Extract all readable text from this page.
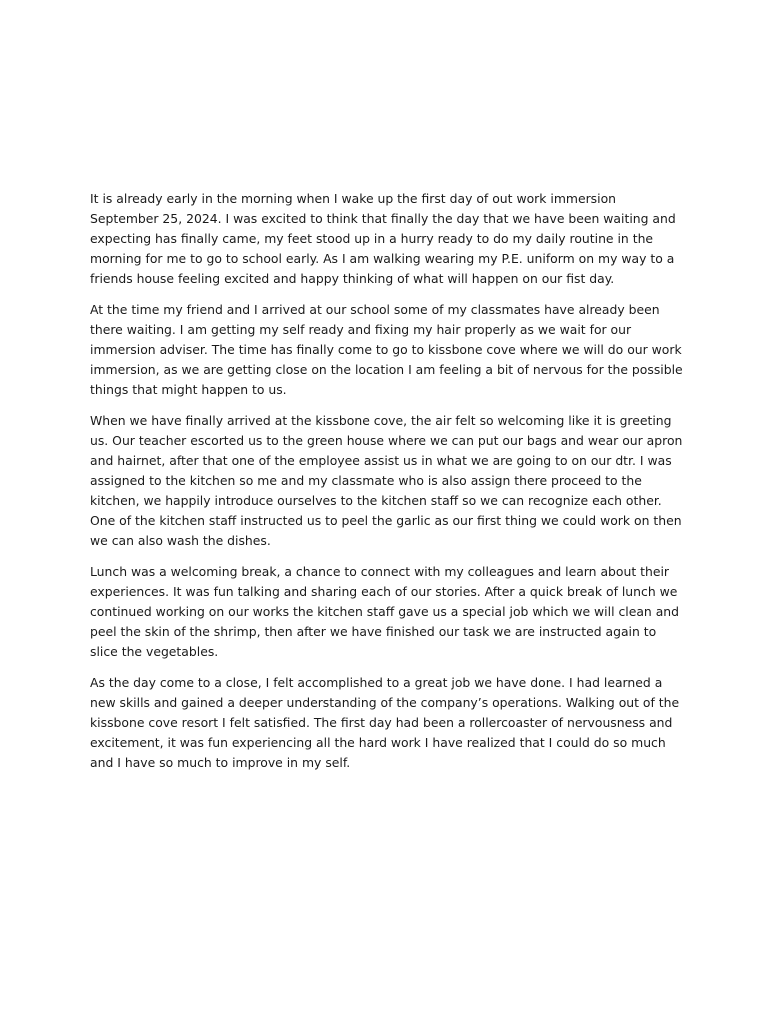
It is already early in the morning when I wake up the first day of out work immersion September 25, 2024. I was excited to think that finally the day that we have been waiting and expecting has finally came, my feet stood up in a hurry ready to do my daily routine in the morning for me to go to school early. As I am walking wearing my P.E. uniform on my way to a friends house feeling excited and happy thinking of what will happen on our fist day.

At the time my friend and I arrived at our school some of my classmates have already been there waiting. I am getting my self ready and fixing my hair properly as we wait for our immersion adviser. The time has finally come to go to kissbone cove where we will do our work immersion, as we are getting close on the location I am feeling a bit of nervous for the possible things that might happen to us.

When we have finally arrived at the kissbone cove, the air felt so welcoming like it is greeting us. Our teacher escorted us to the green house where we can put our bags and wear our apron and hairnet, after that one of the employee assist us in what we are going to on our dtr. I was assigned to the kitchen so me and my classmate who is also assign there proceed to the kitchen, we happily introduce ourselves to the kitchen staff so we can recognize each other. One of the kitchen staff instructed us to peel the garlic as our first thing we could work on then we can also wash the dishes.

Lunch was a welcoming break, a chance to connect with my colleagues and learn about their experiences. It was fun talking and sharing each of our stories. After a quick break of lunch we continued working on our works the kitchen staff gave us a special job which we will clean and peel the skin of the shrimp, then after we have finished our task we are instructed again to slice the vegetables.

As the day come to a close, I felt accomplished to a great job we have done. I had learned a new skills and gained a deeper understanding of the company’s operations. Walking out of the kissbone cove resort I felt satisfied. The first day had been a rollercoaster of nervousness and excitement, it was fun experiencing all the hard work I have realized that I could do so much and I have so much to improve in my self.
